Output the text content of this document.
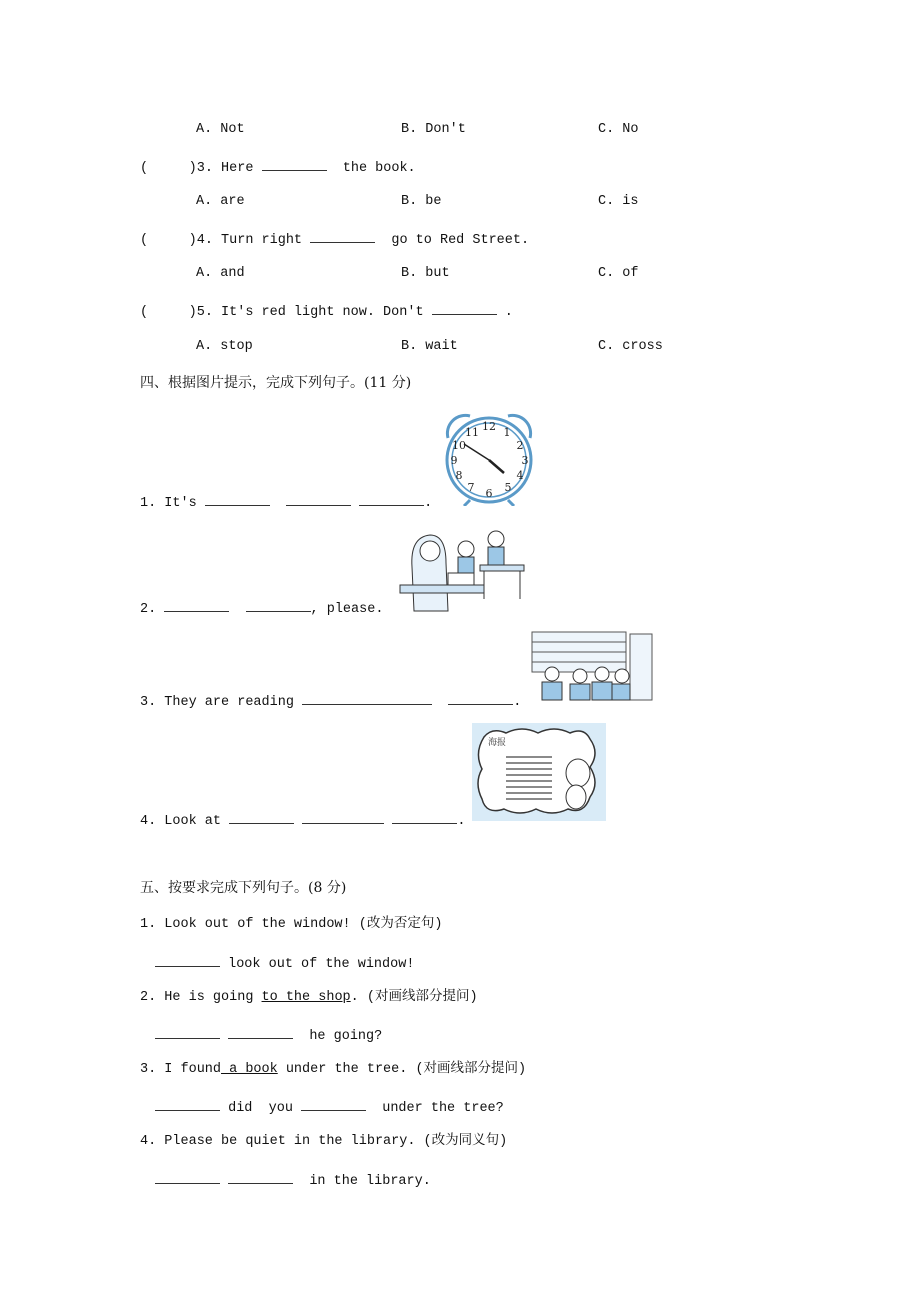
A. Not	B. Don't	C. No
(     )3. Here	the book.
A. are	B. be	C. is
(     )4. Turn right	go to Red Street.
A. and	B. but	C. of
(     )5. It's red light now. Don't	.
A. stop	B. wait	C. cross
四、根据图片提示，完成下列句子。(11 分)
12 1
2
3
4
5
6
7
8
9
10
11
1. It's	.
2.	, please.
3. They are reading	.
海报
4. Look at	.
五、按要求完成下列句子。(8 分)
1. Look out of the window! (改为否定句)
look out of the window!
2. He is going to the shop. (对画线部分提问)
he going?
3. I found a book under the tree. (对画线部分提问)
did  you	under the tree?
4. Please be quiet in the library. (改为同义句)
in the library.
